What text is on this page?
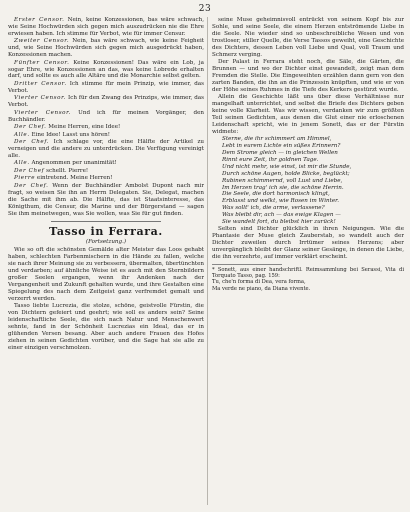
23

Erster Censor. Nein, keine Konzessionen, bas wäre schwach, wie Seine Hochwürden sich gegen mich auszudrücken nie die Ehre erwiesen haben. Ich stimme für Verbot, wie für immer Censur.

Zweiter Censor. Nein, bas wäre schwach, wie keine Feigheit und, wie Seine Hochwürden sich gegen mich ausgedrückt haben, Konzessionen machen.

Fünfter Censor. Keine Konzessionen! Das wäre ein Lob, ja sogar Ehre, wie Konzessionen an das, was keine Lobrede erhalten darf, und sollte es auch alle Altäre und die Monarchie selbst gelten.

Dritter Censor. Ich stimme für mein Prinzip, wie immer, das Verbot.

Vierter Censor. Ich für den Zwang des Prinzips, wie immer, das Verbot.

Vierter Censor. Und ich für meinen Vorgänger, den Buchhändler.

Der Chef. Meine Herren, eine Idee!

Alle. Eine Idee! Lasst uns hören!

Der Chef. Ich schlage vor, die eine Hälfte der Artikel zu verneigen und die andere zu unterdrücken. Die Verfügung vereinigt alle.

Alle. Angenommen per unanimität!

Der Chef schellt. Pierre!

Pierre eintretend. Meine Herren!

Der Chef. Wenn der Buchhändler Ambolst Dupont nach mir fragt, so weisen Sie ihn an Herrn Delegaten. Sie, Delegat, machen die Sache mit ihm ab. Die Hälfte, das ist Staatsinteresse, das Königthum, die Censur, die Marine und der Bürgerstand — sagen Sie ihm meinetwegen, was Sie wollen, was Sie für gut finden.

Tasso in Ferrara.
(Fortsetzung.)

Wie so oft die schönsten Gemälde alter Meister das Loos gehabt haben, schlechten Farbenmischern in die Hände zu fallen, welche sie nach ihrer Meinung sie zu verbessern, übermalten, übertünchten und verdarben; auf ähnliche Weise ist es auch mit den Sternbildern großer Seelen ergangen, wenn ihr Andenken nach der Vergangenheit und Zukunft gehalten wurde, und ihre Gestalten eine Spiegelung des nach dem Zeitgeist ganz verfremdet gemalt und verzerrt werden.

Tasso liebte Lucrezia, die stolze, schöne, geistvolle Fürstin, die von Dichtern gefeiert und geehrt; wie soll es anders sein? Seine leidenschaftliche Seele, die sich nach Natur und Menschenwert sehnte, fand in der Schönheit Lucrezias ein Ideal, das er in glühenden Versen besang. Aber auch andere Frauen des Hofes ziehen in seinen Gedichten vorüber, und die Sage hat sie alle zu einer einzigen verschmolzen.

seine Muse geheimnisvoll entrückt von seinem Kopf bis zur Sohle, und seine Seele, die einem Herzen entströmende Liebe in die Seele. Nie wieder sind so unbeschreibliche Wesen und von trostloser, stiller Quelle, die Verse Tassos geweiht, eine Geschichte des Dichters, dessen Leben voll Liebe und Qual, voll Traum und Schmerz verging.

Der Palast in Ferrara steht noch, die Säle, die Gärten, die Brunnen — und wo der Dichter einst gewandelt, zeigt man dem Fremden die Stelle. Die Eingeweihten erzählen dann gern von den zarten Banden, die ihn an die Prinzessin knüpften, und wie er von der Höhe seines Ruhmes in die Tiefe des Kerkers gestürzt wurde.

Allein die Geschichte läßt uns über diese Verhältnisse nur mangelhaft unterrichtet, und selbst die Briefe des Dichters geben keine volle Klarheit. Was wir wissen, verdanken wir zum größten Teil seinen Gedichten, aus denen die Glut einer nie erloschenen Leidenschaft spricht, wie in jenem Sonett, das er der Fürstin widmete:

Sterne, die ihr schimmert am Himmel,
Lebt in eurem Lichte ein süßes Erinnern?
Dem Strome gleich — in gleichen Wellen
Rinnt eure Zeit, ihr goldnen Tage.
Und nicht mehr, wie einst, ist mir die Stunde,
Durch schöne Augen, holde Blicke, beglückt;
Rubinen schimmernd, voll Lust und Liebe,
Im Herzen trag' ich sie, die schöne Herrin.
Die Seele, die dort harmonisch klingt,
Erblasst und welkt, wie Rosen im Winter.
Was sollt' ich, die arme, verlassene?
Was bleibt dir, ach — das ewige Klagen —
Sie wandelt fort, du bleibst hier zurück!

Selten sind Dichter glücklich in ihren Neigungen. Wie die Phantasie der Muse gleich Zauberstab, so wandelt auch der Dichter zuweilen durch Irrtümer seines Herzens; aber unvergänglich bleibt der Glanz seiner Gesänge, in denen die Liebe, die ihn verzehrte, auf immer verklärt erscheint.

* Sonett, aus einer handschriftl. Reimsammlung bei Serassi, Vita di Torquato Tasso, pag. 159:
Tu, che'n forma di Dea, vera forma,
Ma verde ne piano, da Diana vivente.
